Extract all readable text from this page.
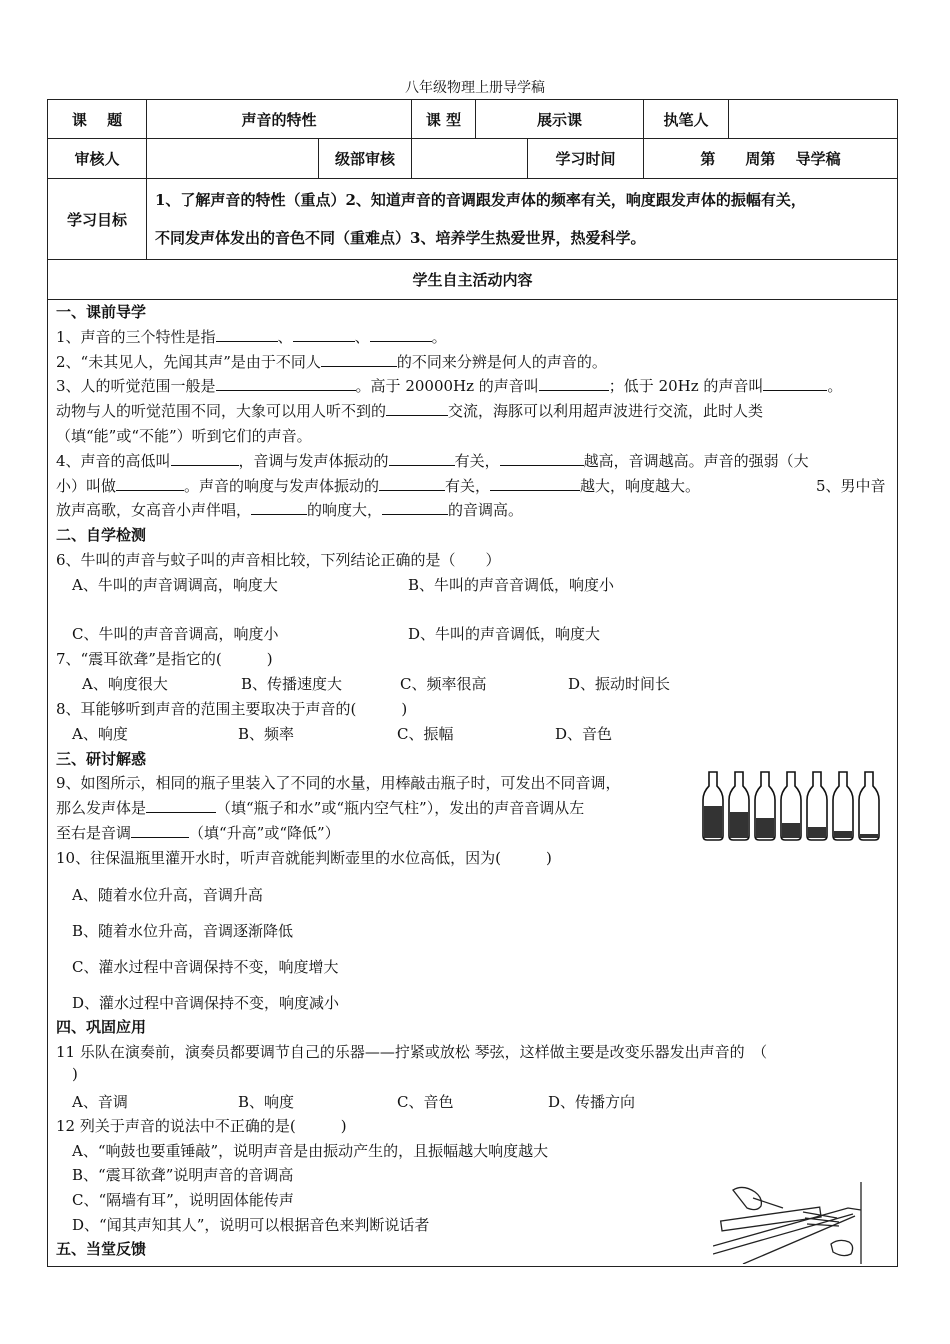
八年级物理上册导学稿
课　 题	声音的特性		课 型	展示课		执笔人	
审核人		级部审核			学习时间	第　　周第　 导学稿	
学习目标	1、了解声音的特性（重点）2、知道声音的音调跟发声体的频率有关，响度跟发声体的振幅有关，
不同发声体发出的音色不同（重难点）3、培养学生热爱世界，热爱科学。						

学生自主活动内容							
一、课前导学
1、声音的三个特性是指	、	、	。
2、“未其见人，先闻其声”是由于不同人	的不同来分辨是何人的声音的。
3、人的听觉范围一般是	。高于 20000Hz 的声音叫	；低于 20Hz 的声音叫	。
动物与人的听觉范围不同，大象可以用人听不到的	交流，海豚可以利用超声波进行交流，此时人类
（填“能”或“不能”）听到它们的声音。
4、声音的高低叫	，音调与发声体振动的	有关，	越高，音调越高。声音的强弱（大
小）叫做	。声音的响度与发声体振动的	有关，	越大，响度越大。	5、男中音
放声高歌，女高音小声伴唱，	的响度大，	的音调高。
二、自学检测
6、牛叫的声音与蚊子叫的声音相比较，下列结论正确的是（　　）
A、牛叫的声音调调高，响度大	B、牛叫的声音音调低，响度小
C、牛叫的声音音调高，响度小	D、牛叫的声音调低，响度大
7、“震耳欲聋”是指它的(　　　)
A、响度很大	B、传播速度大	C、频率很高	D、振动时间长
8、耳能够听到声音的范围主要取决于声音的(　　　)
A、响度	B、频率	C、振幅	D、音色
三、研讨解惑
9、如图所示，相同的瓶子里装入了不同的水量，用棒敲击瓶子时，可发出不同音调，
那么发声体是	（填“瓶子和水”或“瓶内空气柱”），发出的声音音调从左
至右是音调	（填“升高”或“降低”）
10、往保温瓶里灌开水时，听声音就能判断壶里的水位高低，因为(　　　)
A、随着水位升高，音调升高
B、随着水位升高，音调逐渐降低
C、灌水过程中音调保持不变，响度增大
D、灌水过程中音调保持不变，响度减小
四、巩固应用
11 乐队在演奏前，演奏员都要调节自己的乐器——拧紧或放松 琴弦，这样做主要是改变乐器发出声音的　（
)
A、音调	B、响度	C、音色	D、传播方向
12 列关于声音的说法中不正确的是(　　　)
A、“响鼓也要重锤敲”，说明声音是由振动产生的，且振幅越大响度越大
B、“震耳欲聋”说明声音的音调高
C、“隔墙有耳”，说明固体能传声
D、“闻其声知其人”，说明可以根据音色来判断说话者
五、当堂反馈
